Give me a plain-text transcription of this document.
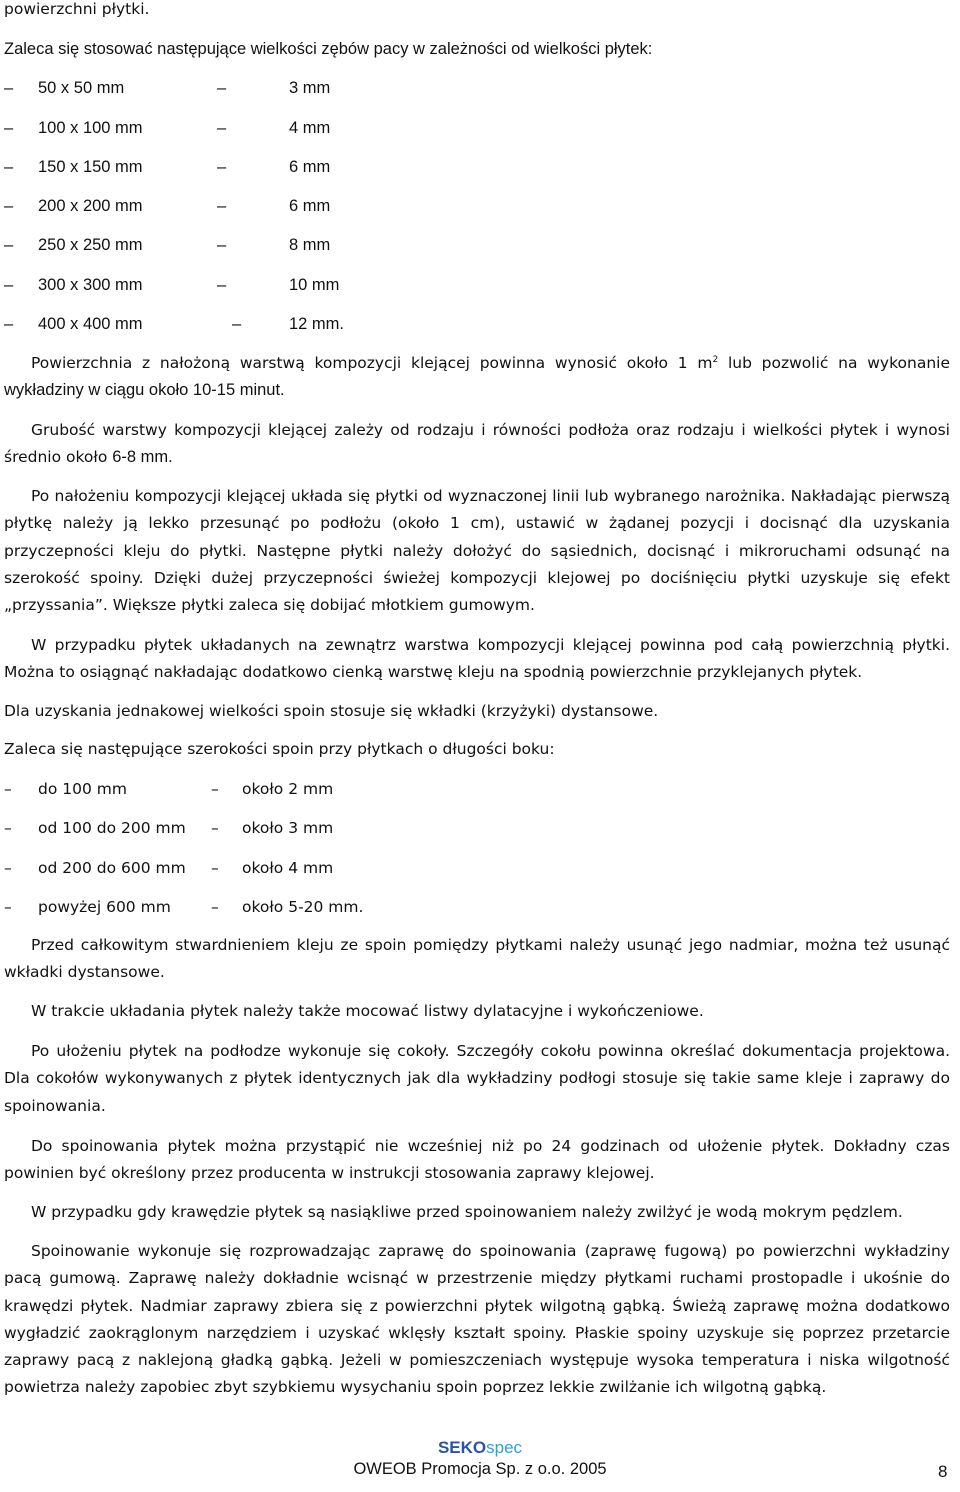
powierzchni płytki.

Zaleca się stosować następujące wielkości zębów pacy w zależności od wielkości płytek:

– 50 x 50 mm	–	3 mm
– 100 x 100 mm	–	4 mm
– 150 x 150 mm	–	6 mm
– 200 x 200 mm	–	6 mm
– 250 x 250 mm	–	8 mm
– 300 x 300 mm	–	10 mm
– 400 x 400 mm	–	12 mm.

Powierzchnia z nałożoną warstwą kompozycji klejącej powinna wynosić około 1 $m^2$ lub pozwolić na wykonanie wykładziny w ciągu około 10-15 minut.

Grubość warstwy kompozycji klejącej zależy od rodzaju i równości podłoża oraz rodzaju i wielkości płytek i wynosi średnio około 6-8 mm.

Po nałożeniu kompozycji klejącej układa się płytki od wyznaczonej linii lub wybranego narożnika. Nakładając pierwszą płytkę należy ją lekko przesunąć po podłożu (około 1 cm), ustawić w żądanej pozycji i docisnąć dla uzyskania przyczepności kleju do płytki. Następne płytki należy dołożyć do sąsiednich, docisnąć i mikroruchami odsunąć na szerokość spoiny. Dzięki dużej przyczepności świeżej kompozycji klejowej po dociśnięciu płytki uzyskuje się efekt „przyssania”. Większe płytki zaleca się dobijać młotkiem gumowym.

W przypadku płytek układanych na zewnątrz warstwa kompozycji klejącej powinna pod całą powierzchnią płytki. Można to osiągnąć nakładając dodatkowo cienką warstwę kleju na spodnią powierzchnie przyklejanych płytek.

Dla uzyskania jednakowej wielkości spoin stosuje się wkładki (krzyżyki) dystansowe.

Zaleca się następujące szerokości spoin przy płytkach o długości boku:

– do 100 mm	– około 2 mm
– od 100 do 200 mm – około 3 mm
– od 200 do 600 mm – około 4 mm
– powyżej 600 mm	– około 5-20 mm.

Przed całkowitym stwardnieniem kleju ze spoin pomiędzy płytkami należy usunąć jego nadmiar, można też usunąć wkładki dystansowe.

W trakcie układania płytek należy także mocować listwy dylatacyjne i wykończeniowe.

Po ułożeniu płytek na podłodze wykonuje się cokoły. Szczegóły cokołu powinna określać dokumentacja projektowa. Dla cokołów wykonywanych z płytek identycznych jak dla wykładziny podłogi stosuje się takie same kleje i zaprawy do spoinowania.

Do spoinowania płytek można przystąpić nie wcześniej niż po 24 godzinach od ułożenie płytek. Dokładny czas powinien być określony przez producenta w instrukcji stosowania zaprawy klejowej.

W przypadku gdy krawędzie płytek są nasiąkliwe przed spoinowaniem należy zwilżyć je wodą mokrym pędzlem.

Spoinowanie wykonuje się rozprowadzając zaprawę do spoinowania (zaprawę fugową) po powierzchni wykładziny pacą gumową. Zaprawę należy dokładnie wcisnąć w przestrzenie między płytkami ruchami prostopadle i ukośnie do krawędzi płytek. Nadmiar zaprawy zbiera się z powierzchni płytek wilgotną gąbką. Świeżą zaprawę można dodatkowo wygładzić zaokrąglonym narzędziem i uzyskać wklęsły kształt spoiny. Płaskie spoiny uzyskuje się poprzez przetarcie zaprawy pacą z naklejoną gładką gąbką. Jeżeli w pomieszczeniach występuje wysoka temperatura i niska wilgotność powietrza należy zapobiec zbyt szybkiemu wysychaniu spoin poprzez lekkie zwilżanie ich wilgotną gąbką.

SEKOspec
OWEOB Promocja Sp. z o.o. 2005	8
